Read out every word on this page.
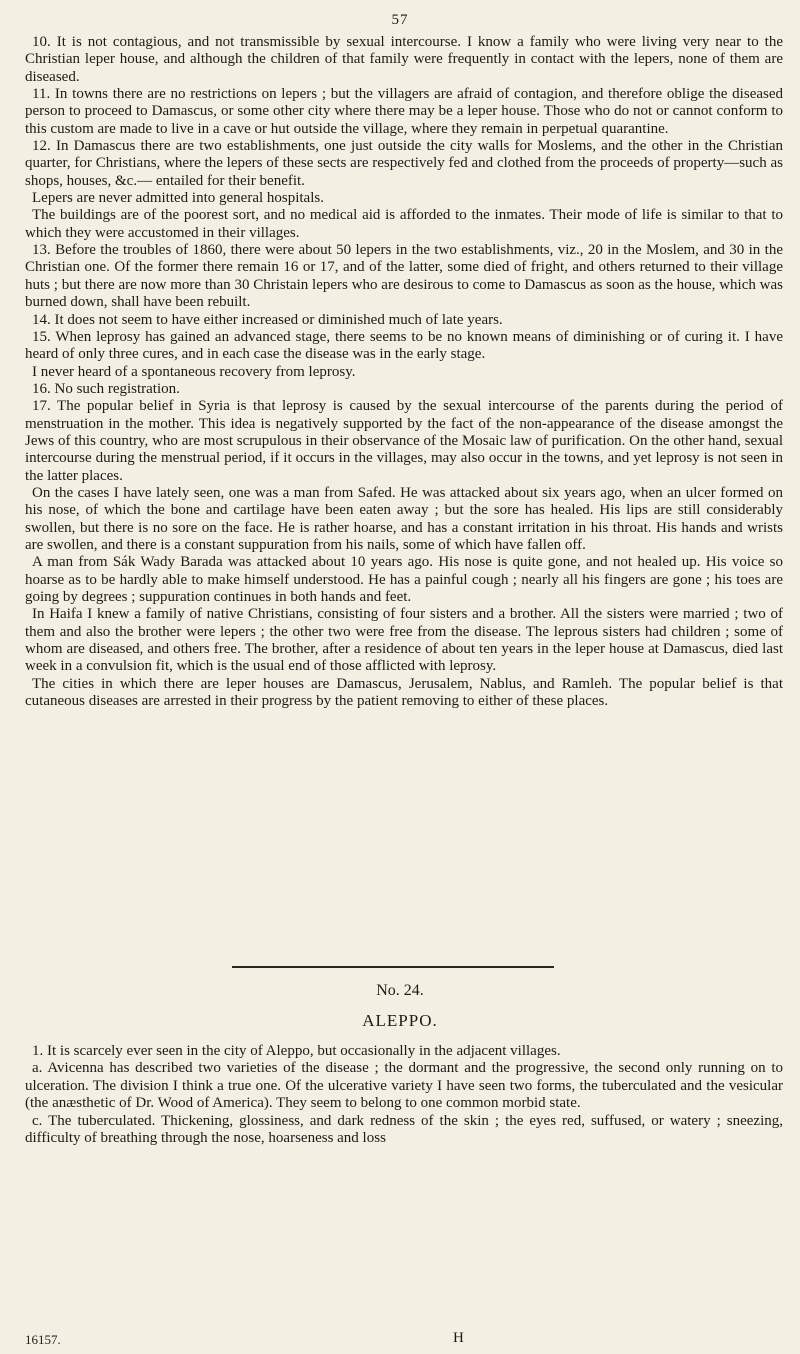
57

10. It is not contagious, and not transmissible by sexual intercourse. I know a family who were living very near to the Christian leper house, and although the children of that family were frequently in contact with the lepers, none of them are diseased.

11. In towns there are no restrictions on lepers ; but the villagers are afraid of contagion, and therefore oblige the diseased person to proceed to Damascus, or some other city where there may be a leper house. Those who do not or cannot conform to this custom are made to live in a cave or hut outside the village, where they remain in perpetual quarantine.

12. In Damascus there are two establishments, one just outside the city walls for Moslems, and the other in the Christian quarter, for Christians, where the lepers of these sects are respectively fed and clothed from the proceeds of property—such as shops, houses, &c.— entailed for their benefit.

Lepers are never admitted into general hospitals.

The buildings are of the poorest sort, and no medical aid is afforded to the inmates. Their mode of life is similar to that to which they were accustomed in their villages.

13. Before the troubles of 1860, there were about 50 lepers in the two establishments, viz., 20 in the Moslem, and 30 in the Christian one. Of the former there remain 16 or 17, and of the latter, some died of fright, and others returned to their village huts ; but there are now more than 30 Christain lepers who are desirous to come to Damascus as soon as the house, which was burned down, shall have been rebuilt.

14. It does not seem to have either increased or diminished much of late years.

15. When leprosy has gained an advanced stage, there seems to be no known means of diminishing or of curing it. I have heard of only three cures, and in each case the disease was in the early stage.

I never heard of a spontaneous recovery from leprosy.

16. No such registration.

17. The popular belief in Syria is that leprosy is caused by the sexual intercourse of the parents during the period of menstruation in the mother. This idea is negatively supported by the fact of the non-appearance of the disease amongst the Jews of this country, who are most scrupulous in their observance of the Mosaic law of purification. On the other hand, sexual intercourse during the menstrual period, if it occurs in the villages, may also occur in the towns, and yet leprosy is not seen in the latter places.

On the cases I have lately seen, one was a man from Safed. He was attacked about six years ago, when an ulcer formed on his nose, of which the bone and cartilage have been eaten away ; but the sore has healed. His lips are still considerably swollen, but there is no sore on the face. He is rather hoarse, and has a constant irritation in his throat. His hands and wrists are swollen, and there is a constant suppuration from his nails, some of which have fallen off.

A man from Sák Wady Barada was attacked about 10 years ago. His nose is quite gone, and not healed up. His voice so hoarse as to be hardly able to make himself understood. He has a painful cough ; nearly all his fingers are gone ; his toes are going by degrees ; suppuration continues in both hands and feet.

In Haifa I knew a family of native Christians, consisting of four sisters and a brother. All the sisters were married ; two of them and also the brother were lepers ; the other two were free from the disease. The leprous sisters had children ; some of whom are diseased, and others free. The brother, after a residence of about ten years in the leper house at Damascus, died last week in a convulsion fit, which is the usual end of those afflicted with leprosy.

The cities in which there are leper houses are Damascus, Jerusalem, Nablus, and Ramleh. The popular belief is that cutaneous diseases are arrested in their progress by the patient removing to either of these places.

No. 24.
ALEPPO.

1. It is scarcely ever seen in the city of Aleppo, but occasionally in the adjacent villages.

a. Avicenna has described two varieties of the disease ; the dormant and the progressive, the second only running on to ulceration. The division I think a true one. Of the ulcerative variety I have seen two forms, the tuberculated and the vesicular (the anæsthetic of Dr. Wood of America). They seem to belong to one common morbid state.

c. The tuberculated. Thickening, glossiness, and dark redness of the skin ; the eyes red, suffused, or watery ; sneezing, difficulty of breathing through the nose, hoarseness and loss

16157.	H
